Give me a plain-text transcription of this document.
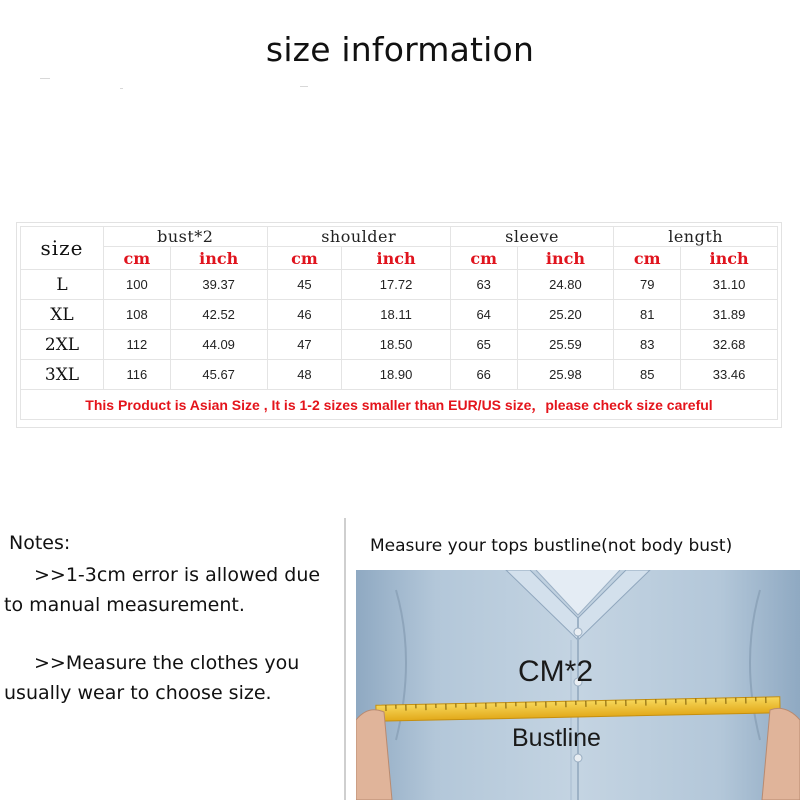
size information
size	bust*2		shoulder		sleeve		length	
	cm	inch	cm	inch	cm	inch	cm	inch
L	100	39.37	45	17.72	63	24.80	79	31.10
XL	108	42.52	46	18.11	64	25.20	81	31.89
2XL	112	44.09	47	18.50	65	25.59	83	32.68
3XL	116	45.67	48	18.90	66	25.98	85	33.46
This Product is Asian Size , It is 1-2 sizes smaller than EUR/US size，please check size careful								
Notes:
>>1-3cm error is allowed due
to manual measurement.
>>Measure the clothes you
usually wear to choose size.
Measure your tops bustline(not body bust)
CM*2
Bustline
